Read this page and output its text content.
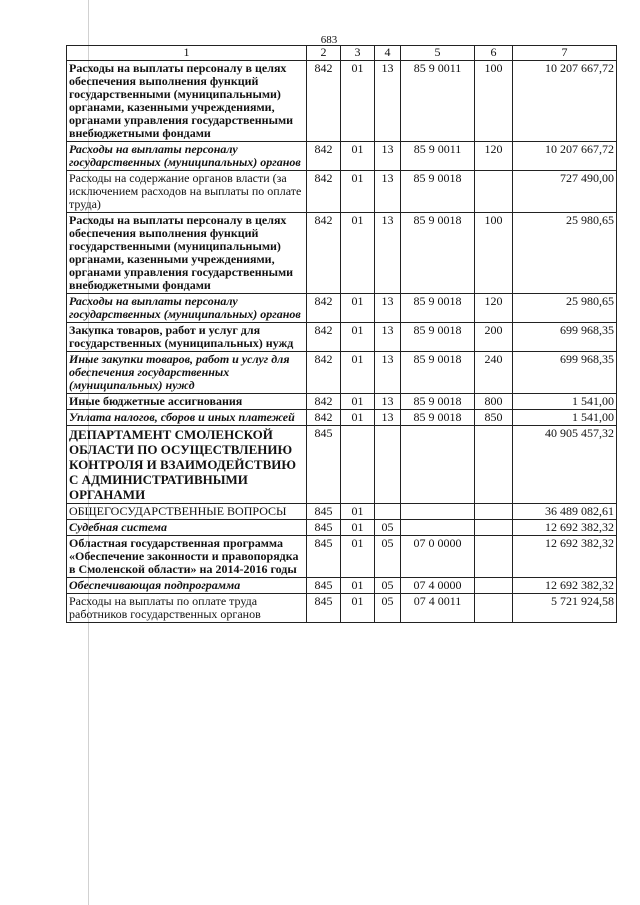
683
1	2	3	4	5	6	7
Расходы на выплаты персоналу в целях обеспечения выполнения функций государственными (муниципальными) органами, казенными учреждениями, органами управления государственными внебюджетными фондами	842	01	13	85 9 0011	100	10 207 667,72
Расходы на выплаты персоналу государственных (муниципальных) органов	842	01	13	85 9 0011	120	10 207 667,72
Расходы на содержание органов власти (за исключением расходов на выплаты по оплате труда)	842	01	13	85 9 0018		727 490,00
Расходы на выплаты персоналу в целях обеспечения выполнения функций государственными (муниципальными) органами, казенными учреждениями, органами управления государственными внебюджетными фондами	842	01	13	85 9 0018	100	25 980,65
Расходы на выплаты персоналу государственных (муниципальных) органов	842	01	13	85 9 0018	120	25 980,65
Закупка товаров, работ и услуг для государственных (муниципальных) нужд	842	01	13	85 9 0018	200	699 968,35
Иные закупки товаров, работ и услуг для обеспечения государственных (муниципальных) нужд	842	01	13	85 9 0018	240	699 968,35
Иные бюджетные ассигнования	842	01	13	85 9 0018	800	1 541,00
Уплата налогов, сборов и иных платежей	842	01	13	85 9 0018	850	1 541,00
ДЕПАРТАМЕНТ СМОЛЕНСКОЙ ОБЛАСТИ ПО ОСУЩЕСТВЛЕНИЮ КОНТРОЛЯ И ВЗАИМОДЕЙСТВИЮ С АДМИНИСТРАТИВНЫМИ ОРГАНАМИ	845					40 905 457,32
ОБЩЕГОСУДАРСТВЕННЫЕ ВОПРОСЫ	845	01				36 489 082,61
Судебная система	845	01	05			12 692 382,32
Областная государственная программа «Обеспечение законности и правопорядка в Смоленской области» на 2014-2016 годы	845	01	05	07 0 0000		12 692 382,32
Обеспечивающая подпрограмма	845	01	05	07 4 0000		12 692 382,32
Расходы на выплаты по оплате труда работников государственных органов	845	01	05	07 4 0011		5 721 924,58
